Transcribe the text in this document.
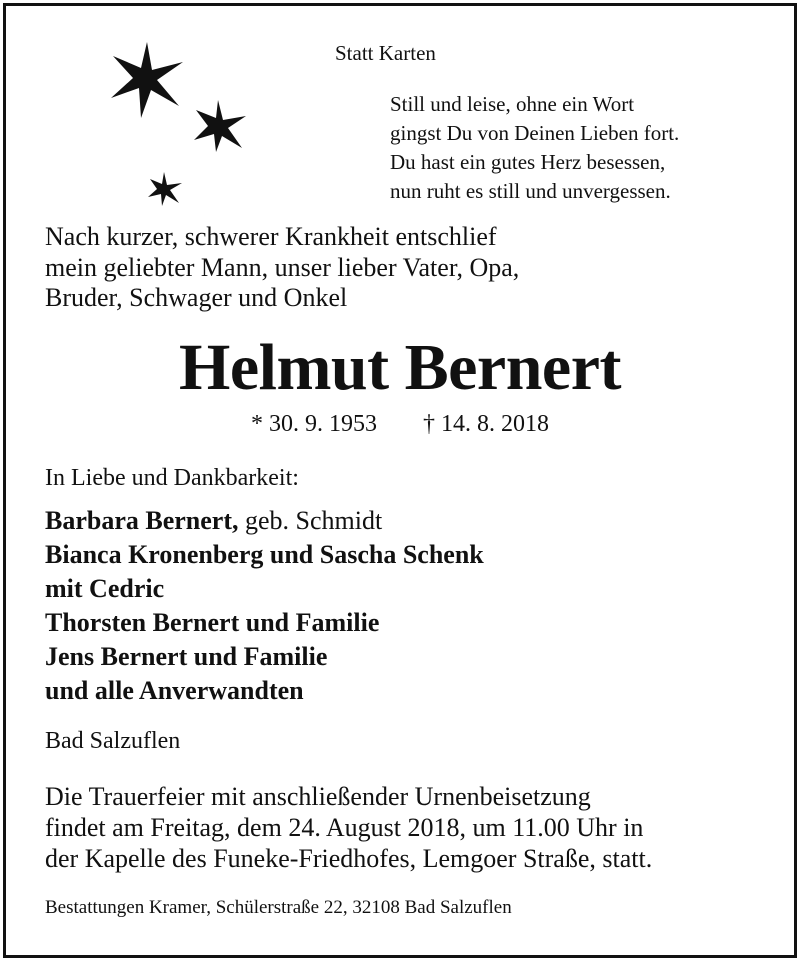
Statt Karten
Still und leise, ohne ein Wort
gingst Du von Deinen Lieben fort.
Du hast ein gutes Herz besessen,
nun ruht es still und unvergessen.
Nach kurzer, schwerer Krankheit entschlief
mein geliebter Mann, unser lieber Vater, Opa,
Bruder, Schwager und Onkel
Helmut Bernert
* 30. 9. 1953 † 14. 8. 2018
In Liebe und Dankbarkeit:
Barbara Bernert, geb. Schmidt
Bianca Kronenberg und Sascha Schenk
mit Cedric
Thorsten Bernert und Familie
Jens Bernert und Familie
und alle Anverwandten
Bad Salzuflen
Die Trauerfeier mit anschließender Urnenbeisetzung
findet am Freitag, dem 24. August 2018, um 11.00 Uhr in
der Kapelle des Funeke-Friedhofes, Lemgoer Straße, statt.
Bestattungen Kramer, Schülerstraße 22, 32108 Bad Salzuflen
